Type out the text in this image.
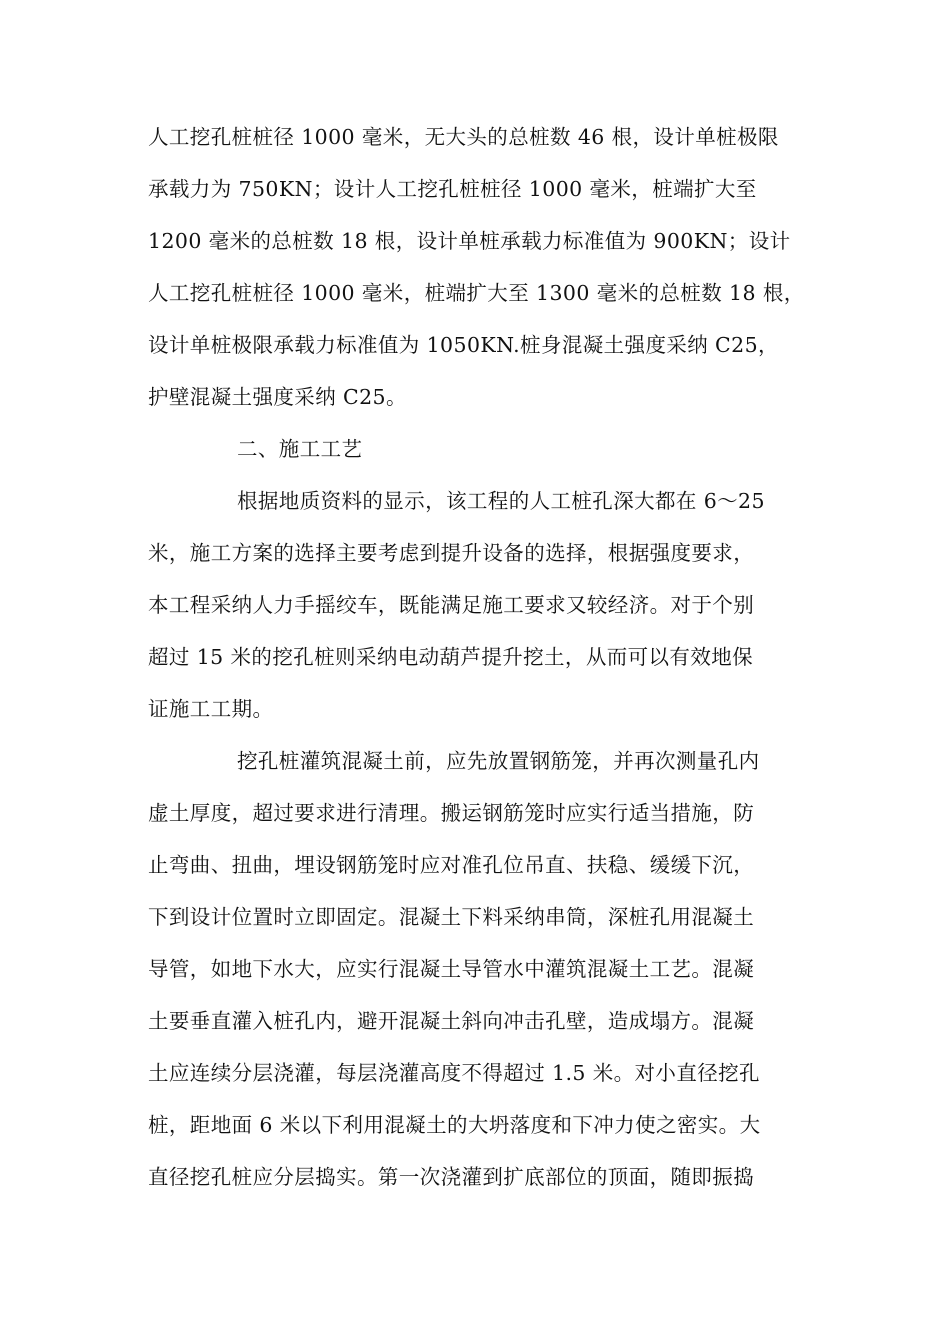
人工挖孔桩桩径 1000 毫米，无大头的总桩数 46 根，设计单桩极限
承载力为 750KN；设计人工挖孔桩桩径 1000 毫米，桩端扩大至
1200 毫米的总桩数 18 根，设计单桩承载力标准值为 900KN；设计
人工挖孔桩桩径 1000 毫米，桩端扩大至 1300 毫米的总桩数 18 根，
设计单桩极限承载力标准值为 1050KN.桩身混凝土强度采纳 C25，
护壁混凝土强度采纳 C25。
二、施工工艺
根据地质资料的显示，该工程的人工桩孔深大都在 6～25
米，施工方案的选择主要考虑到提升设备的选择，根据强度要求，
本工程采纳人力手摇绞车，既能满足施工要求又较经济。对于个别
超过 15 米的挖孔桩则采纳电动葫芦提升挖土，从而可以有效地保
证施工工期。
挖孔桩灌筑混凝土前，应先放置钢筋笼，并再次测量孔内
虚土厚度，超过要求进行清理。搬运钢筋笼时应实行适当措施，防
止弯曲、扭曲，埋设钢筋笼时应对准孔位吊直、扶稳、缓缓下沉，
下到设计位置时立即固定。混凝土下料采纳串筒，深桩孔用混凝土
导管，如地下水大，应实行混凝土导管水中灌筑混凝土工艺。混凝
土要垂直灌入桩孔内，避开混凝土斜向冲击孔壁，造成塌方。混凝
土应连续分层浇灌，每层浇灌高度不得超过 1.5 米。对小直径挖孔
桩，距地面 6 米以下利用混凝土的大坍落度和下冲力使之密实。大
直径挖孔桩应分层捣实。第一次浇灌到扩底部位的顶面，随即振捣
